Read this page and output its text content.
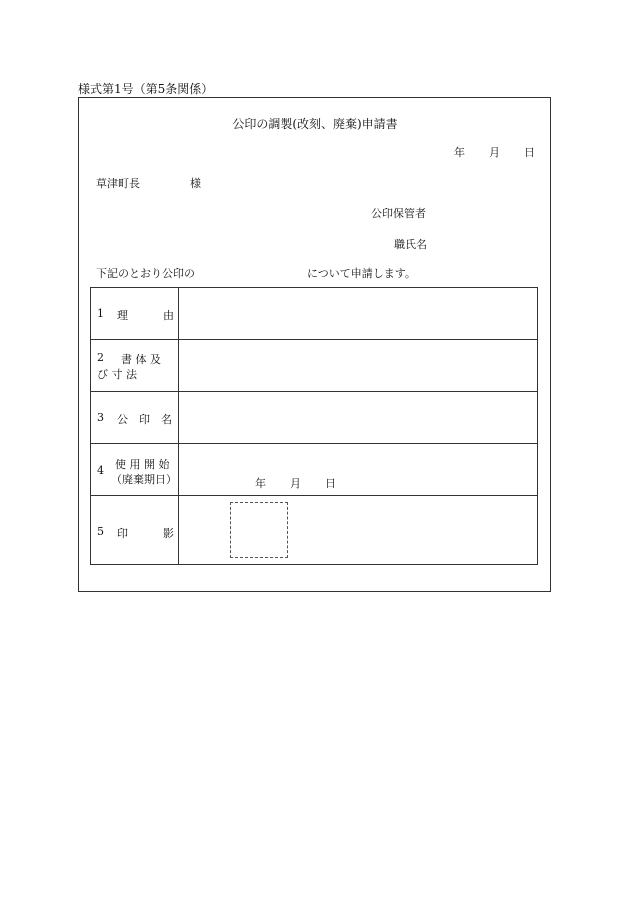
様式第1号（第5条関係）
公印の調製(改刻、廃棄)申請書
年 月 日
草津町長	様
公印保管者
職氏名
下記のとおり公印の	について申請します。
1 理	由
2 書 体 及
び 寸 法
3 公　印　名
4 使 用 開 始
（廃棄期日）	年 月 日
5 印	影
